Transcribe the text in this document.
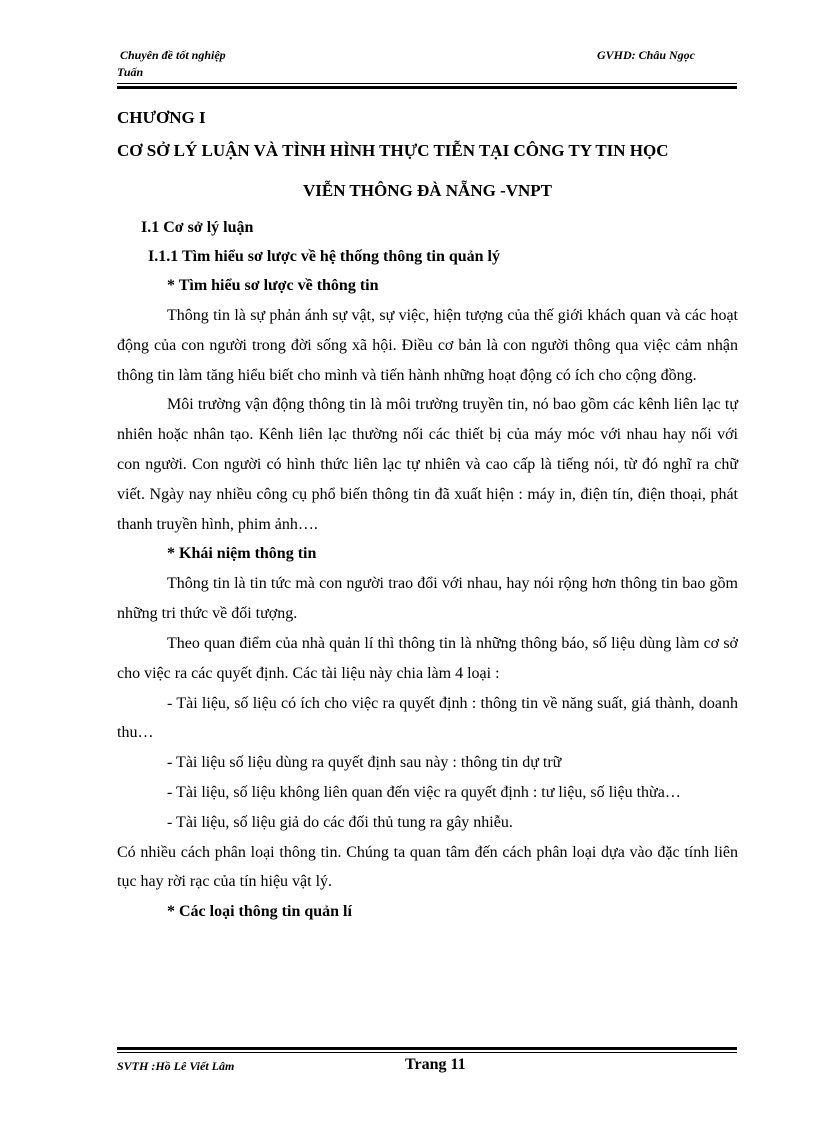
Chuyên đề tốt nghiệp	GVHD: Châu Ngọc
Tuấn
CHƯƠNG I
CƠ SỞ LÝ LUẬN VÀ TÌNH HÌNH THỰC TIỄN TẠI CÔNG TY TIN HỌC
VIỄN THÔNG ĐÀ NẴNG -VNPT
I.1 Cơ sở lý luận
I.1.1 Tìm hiểu sơ lược về hệ thống thông tin quản lý
* Tìm hiểu sơ lược về thông tin

Thông tin là sự phản ánh sự vật, sự việc, hiện tượng của thế giới khách quan và các hoạt động của con người trong đời sống xã hội. Điều cơ bản là con người thông qua việc cảm nhận thông tin làm tăng hiểu biết cho mình và tiến hành những hoạt động có ích cho cộng đồng.

Môi trường vận động thông tin là môi trường truyền tin, nó bao gồm các kênh liên lạc tự nhiên hoặc nhân tạo. Kênh liên lạc thường nối các thiết bị của máy móc với nhau hay nối với con người. Con người có hình thức liên lạc tự nhiên và cao cấp là tiếng nói, từ đó nghĩ ra chữ viết. Ngày nay nhiều công cụ phổ biến thông tin đã xuất hiện : máy in, điện tín, điện thoại, phát thanh truyền hình, phim ảnh….

* Khái niệm thông tin

Thông tin là tin tức mà con người trao đổi với nhau, hay nói rộng hơn thông tin bao gồm những tri thức về đối tượng.

Theo quan điểm của nhà quản lí thì thông tin là những thông báo, số liệu dùng làm cơ sở cho việc ra các quyết định. Các tài liệu này chia làm 4 loại :

- Tài liệu, số liệu có ích cho việc ra quyết định : thông tin về năng suất, giá thành, doanh thu…

- Tài liệu số liệu dùng ra quyết định sau này : thông tin dự trữ

- Tài liệu, số liệu không liên quan đến việc ra quyết định : tư liệu, số liệu thừa…

- Tài liệu, số liệu giả do các đối thủ tung ra gây nhiễu.

Có nhiều cách phân loại thông tin. Chúng ta quan tâm đến cách phân loại dựa vào đặc tính liên tục hay rời rạc của tín hiệu vật lý.

* Các loại thông tin quản lí
SVTH :Hồ Lê Viết Lâm	Trang 11
